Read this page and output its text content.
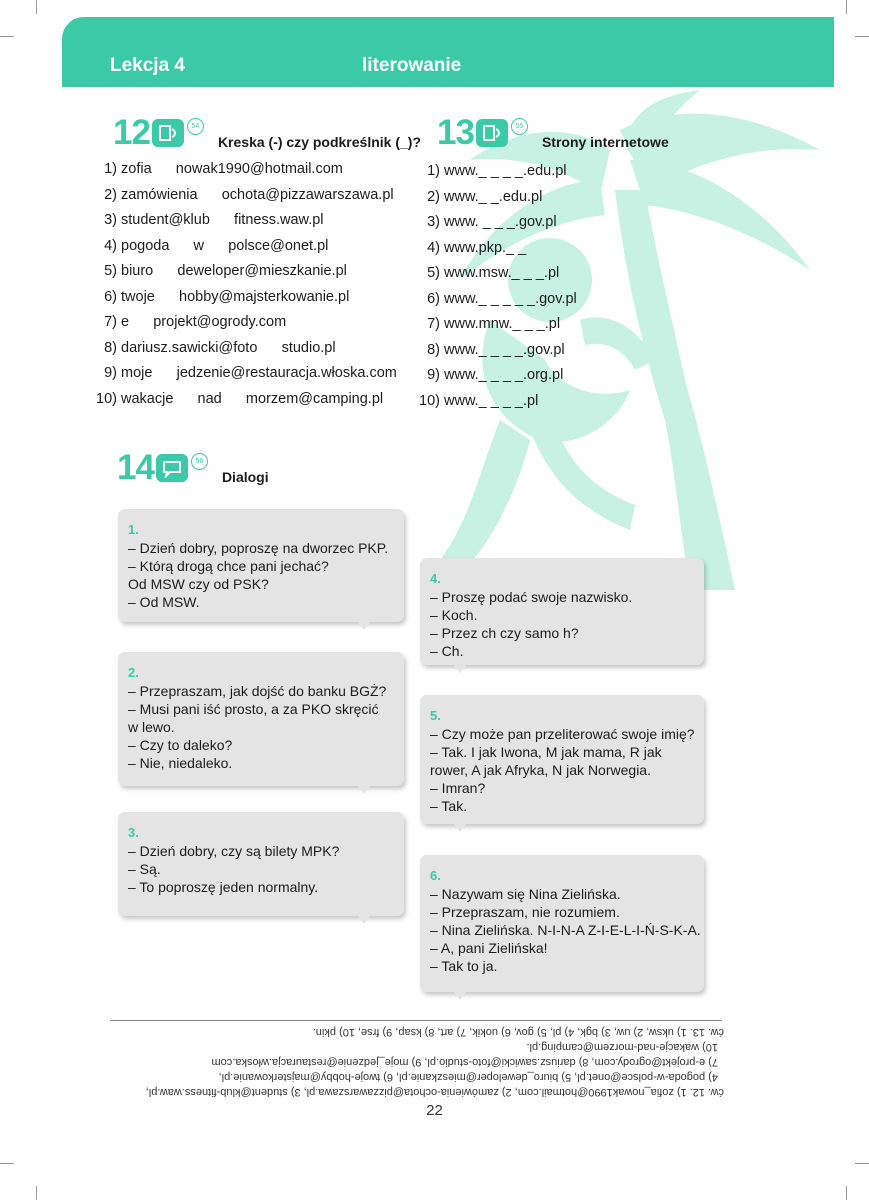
Lekcja 4	literowanie
12	54
Kreska (-) czy podkreślnik (_)?
1) zofia      nowak1990@hotmail.com
2) zamówienia      ochota@pizzawarszawa.pl
3) student@klub      fitness.waw.pl
4) pogoda      w      polsce@onet.pl
5) biuro      deweloper@mieszkanie.pl
6) twoje      hobby@majsterkowanie.pl
7) e      projekt@ogrody.com
8) dariusz.sawicki@foto      studio.pl
9) moje      jedzenie@restauracja.włoska.com
10) wakacje      nad      morzem@camping.pl
13	55
Strony internetowe
1) www._ _ _ _.edu.pl
2) www._ _.edu.pl
3) www. _ _ _.gov.pl
4) www.pkp._ _
5) www.msw._ _ _.pl
6) www._ _ _ _ _.gov.pl
7) www.mnw._ _ _.pl
8) www._ _ _ _.gov.pl
9) www._ _ _ _.org.pl
10) www._ _ _ _.pl
14	56
Dialogi
1.
– Dzień dobry, poproszę na dworzec PKP.
– Którą drogą chce pani jechać?
Od MSW czy od PSK?
– Od MSW.
2.
– Przepraszam, jak dojść do banku BGŻ?
– Musi pani iść prosto, a za PKO skręcić
w lewo.
– Czy to daleko?
– Nie, niedaleko.
3.
– Dzień dobry, czy są bilety MPK?
– Są.
– To poproszę jeden normalny.
4.
– Proszę podać swoje nazwisko.
– Koch.
– Przez ch czy samo h?
– Ch.
5.
– Czy może pan przeliterować swoje imię?
– Tak. I jak Iwona, M jak mama, R jak
rower, A jak Afryka, N jak Norwegia.
– Imran?
– Tak.
6.
– Nazywam się Nina Zielińska.
– Przepraszam, nie rozumiem.
– Nina Zielińska. N-I-N-A Z-I-E-L-I-Ń-S-K-A.
– A, pani Zielińska!
– Tak to ja.
ćw. 12. 1) zofia_nowak1990@hotmail.com, 2) zamówienia-ochota@pizzawarszawa.pl, 3) student@klub-fitness.waw.pl,
4) pogoda-w-polsce@onet.pl, 5) biuro_deweloper@mieszkanie.pl, 6) twoje-hobby@majsterkowanie.pl,
7) e-projekt@ogrody.com, 8) dariusz.sawicki@foto-studio.pl, 9) moje_jedzenie@restauracja.włoska.com
10) wakacje-nad-morzem@camping.pl.
ćw. 13. 1) uksw, 2) uw, 3) bgk, 4) pl, 5) gov, 6) uokik, 7) art, 8) ksap, 9) frse, 10) pkin.
22
